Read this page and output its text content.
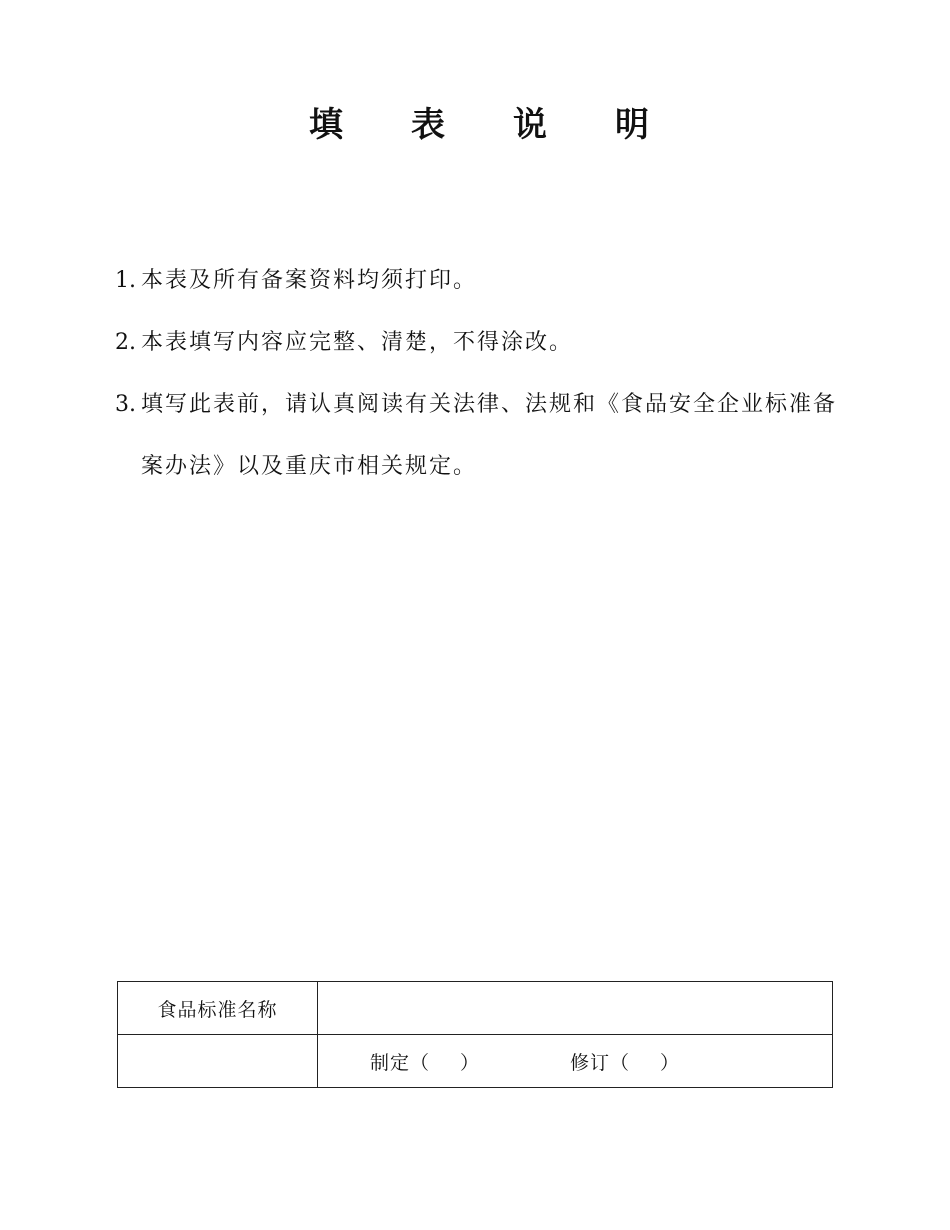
填 表 说 明
1. 本表及所有备案资料均须打印。
2. 本表填写内容应完整、清楚，不得涂改。
3. 填写此表前，请认真阅读有关法律、法规和《食品安全企业标准备案办法》以及重庆市相关规定。
食品标准名称	

	制定（ ） 修订（ ）
